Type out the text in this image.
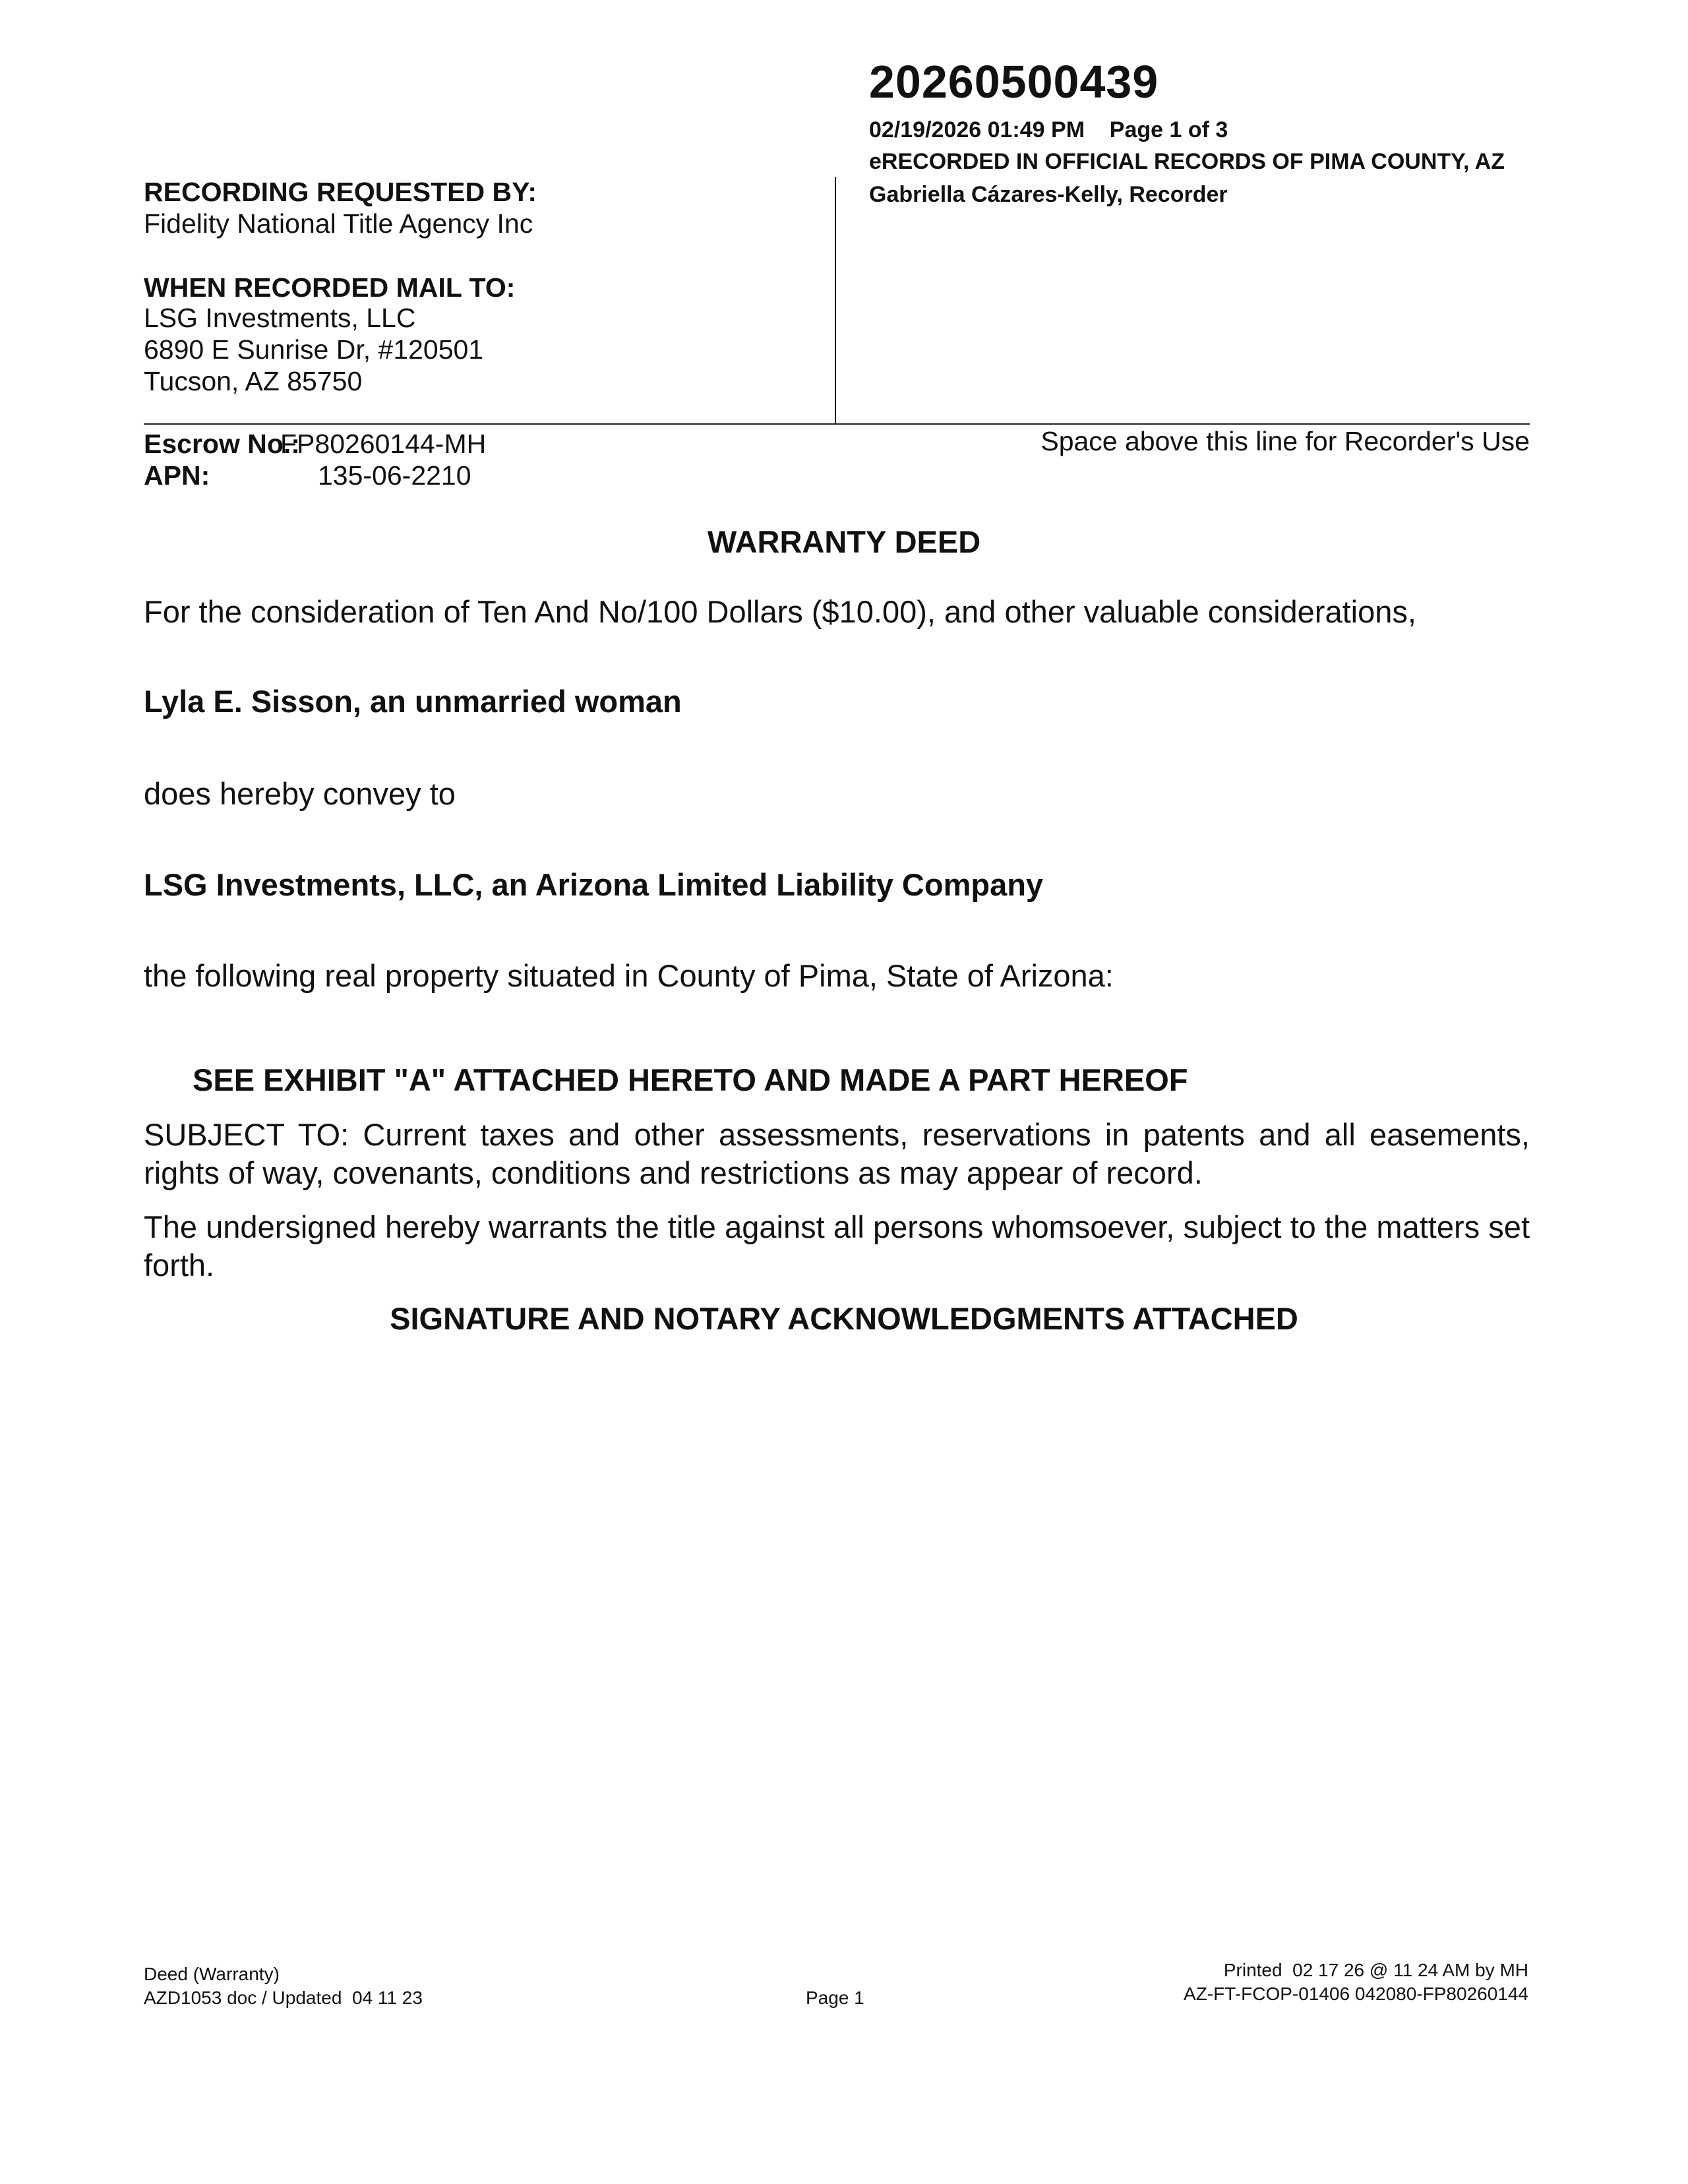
20260500439
02/19/2026 01:49 PM    Page 1 of 3
eRECORDED IN OFFICIAL RECORDS OF PIMA COUNTY, AZ
Gabriella Cázares-Kelly, Recorder
RECORDING REQUESTED BY:
Fidelity National Title Agency Inc
WHEN RECORDED MAIL TO:
LSG Investments, LLC
6890 E Sunrise Dr, #120501
Tucson, AZ 85750
Escrow No.:
FP80260144-MH
APN:	135-06-2210
Space above this line for Recorder's Use
WARRANTY DEED
For the consideration of Ten And No/100 Dollars ($10.00), and other valuable considerations,
Lyla E. Sisson, an unmarried woman
does hereby convey to
LSG Investments, LLC, an Arizona Limited Liability Company
the following real property situated in County of Pima, State of Arizona:
SEE EXHIBIT "A" ATTACHED HERETO AND MADE A PART HEREOF
SUBJECT TO: Current taxes and other assessments, reservations in patents and all easements, rights of way, covenants, conditions and restrictions as may appear of record.
The undersigned hereby warrants the title against all persons whomsoever, subject to the matters set forth.
SIGNATURE AND NOTARY ACKNOWLEDGMENTS ATTACHED
Deed (Warranty)
AZD1053 doc / Updated  04 11 23	Page 1
Printed  02 17 26 @ 11 24 AM by MH
AZ-FT-FCOP-01406 042080-FP80260144
